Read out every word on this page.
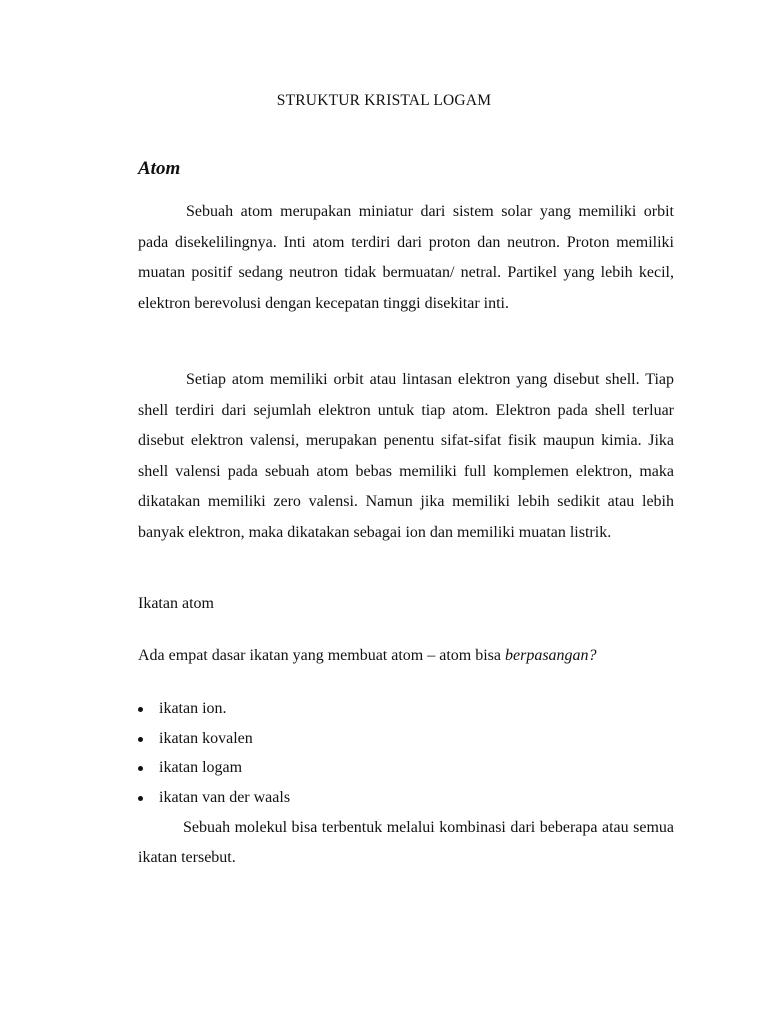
STRUKTUR KRISTAL LOGAM
Atom

Sebuah atom merupakan miniatur dari sistem solar yang memiliki orbit pada disekelilingnya. Inti atom terdiri dari proton dan neutron. Proton memiliki muatan positif sedang neutron tidak bermuatan/ netral. Partikel yang lebih kecil, elektron berevolusi dengan kecepatan tinggi disekitar inti.

Setiap atom memiliki orbit atau lintasan elektron yang disebut shell. Tiap shell terdiri dari sejumlah elektron untuk tiap atom. Elektron pada shell terluar disebut elektron valensi, merupakan penentu sifat-sifat fisik maupun kimia. Jika shell valensi pada sebuah atom bebas memiliki full komplemen elektron, maka dikatakan memiliki zero valensi. Namun jika memiliki lebih sedikit atau lebih banyak elektron, maka dikatakan sebagai ion dan memiliki muatan listrik.

Ikatan atom

Ada empat dasar ikatan yang membuat atom – atom bisa berpasangan?

ikatan ion.
ikatan kovalen
ikatan logam
ikatan van der waals

Sebuah molekul bisa terbentuk melalui kombinasi dari beberapa atau semua ikatan tersebut.
